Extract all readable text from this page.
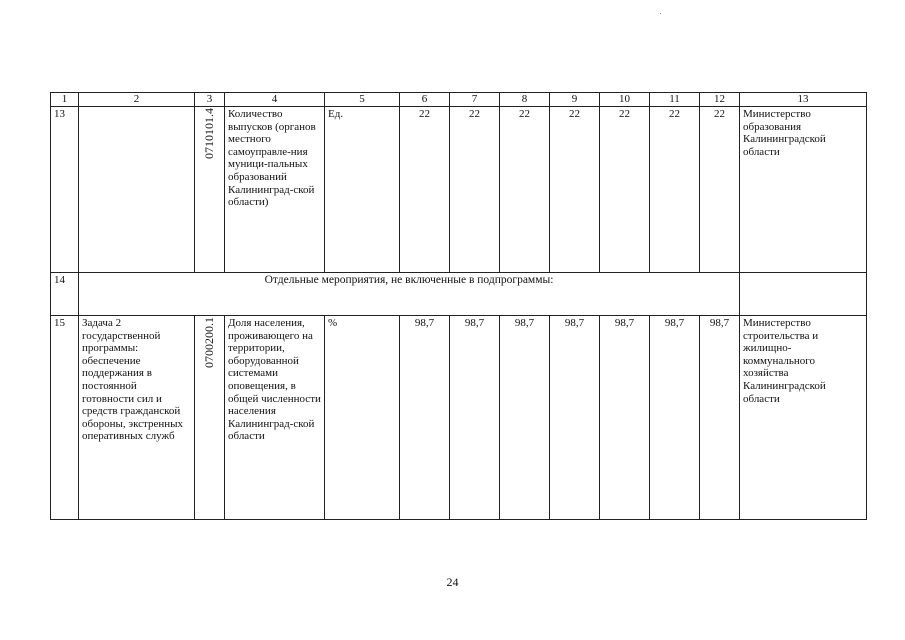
1	2	3	4	5	6	7	8	9	10	11	12	13
13		0710101.4	Количество выпусков (органов местного самоуправле-ния муници-пальных образований Калининград-ской области)	Ед.	22	22	22	22	22	22	22	Министерство образования Калининградской области
14	Отдельные мероприятия, не включенные в подпрограммы:											
15	Задача 2 государственной программы: обеспечение поддержания в постоянной готовности сил и средств гражданской обороны, экстренных оперативных служб	0700200.1	Доля населения, проживающего на территории, оборудованной системами оповещения, в общей численности населения Калининград-ской области	%	98,7	98,7	98,7	98,7	98,7	98,7	98,7	Министерство строительства и жилищно-коммунального хозяйства Калининградской области
24
